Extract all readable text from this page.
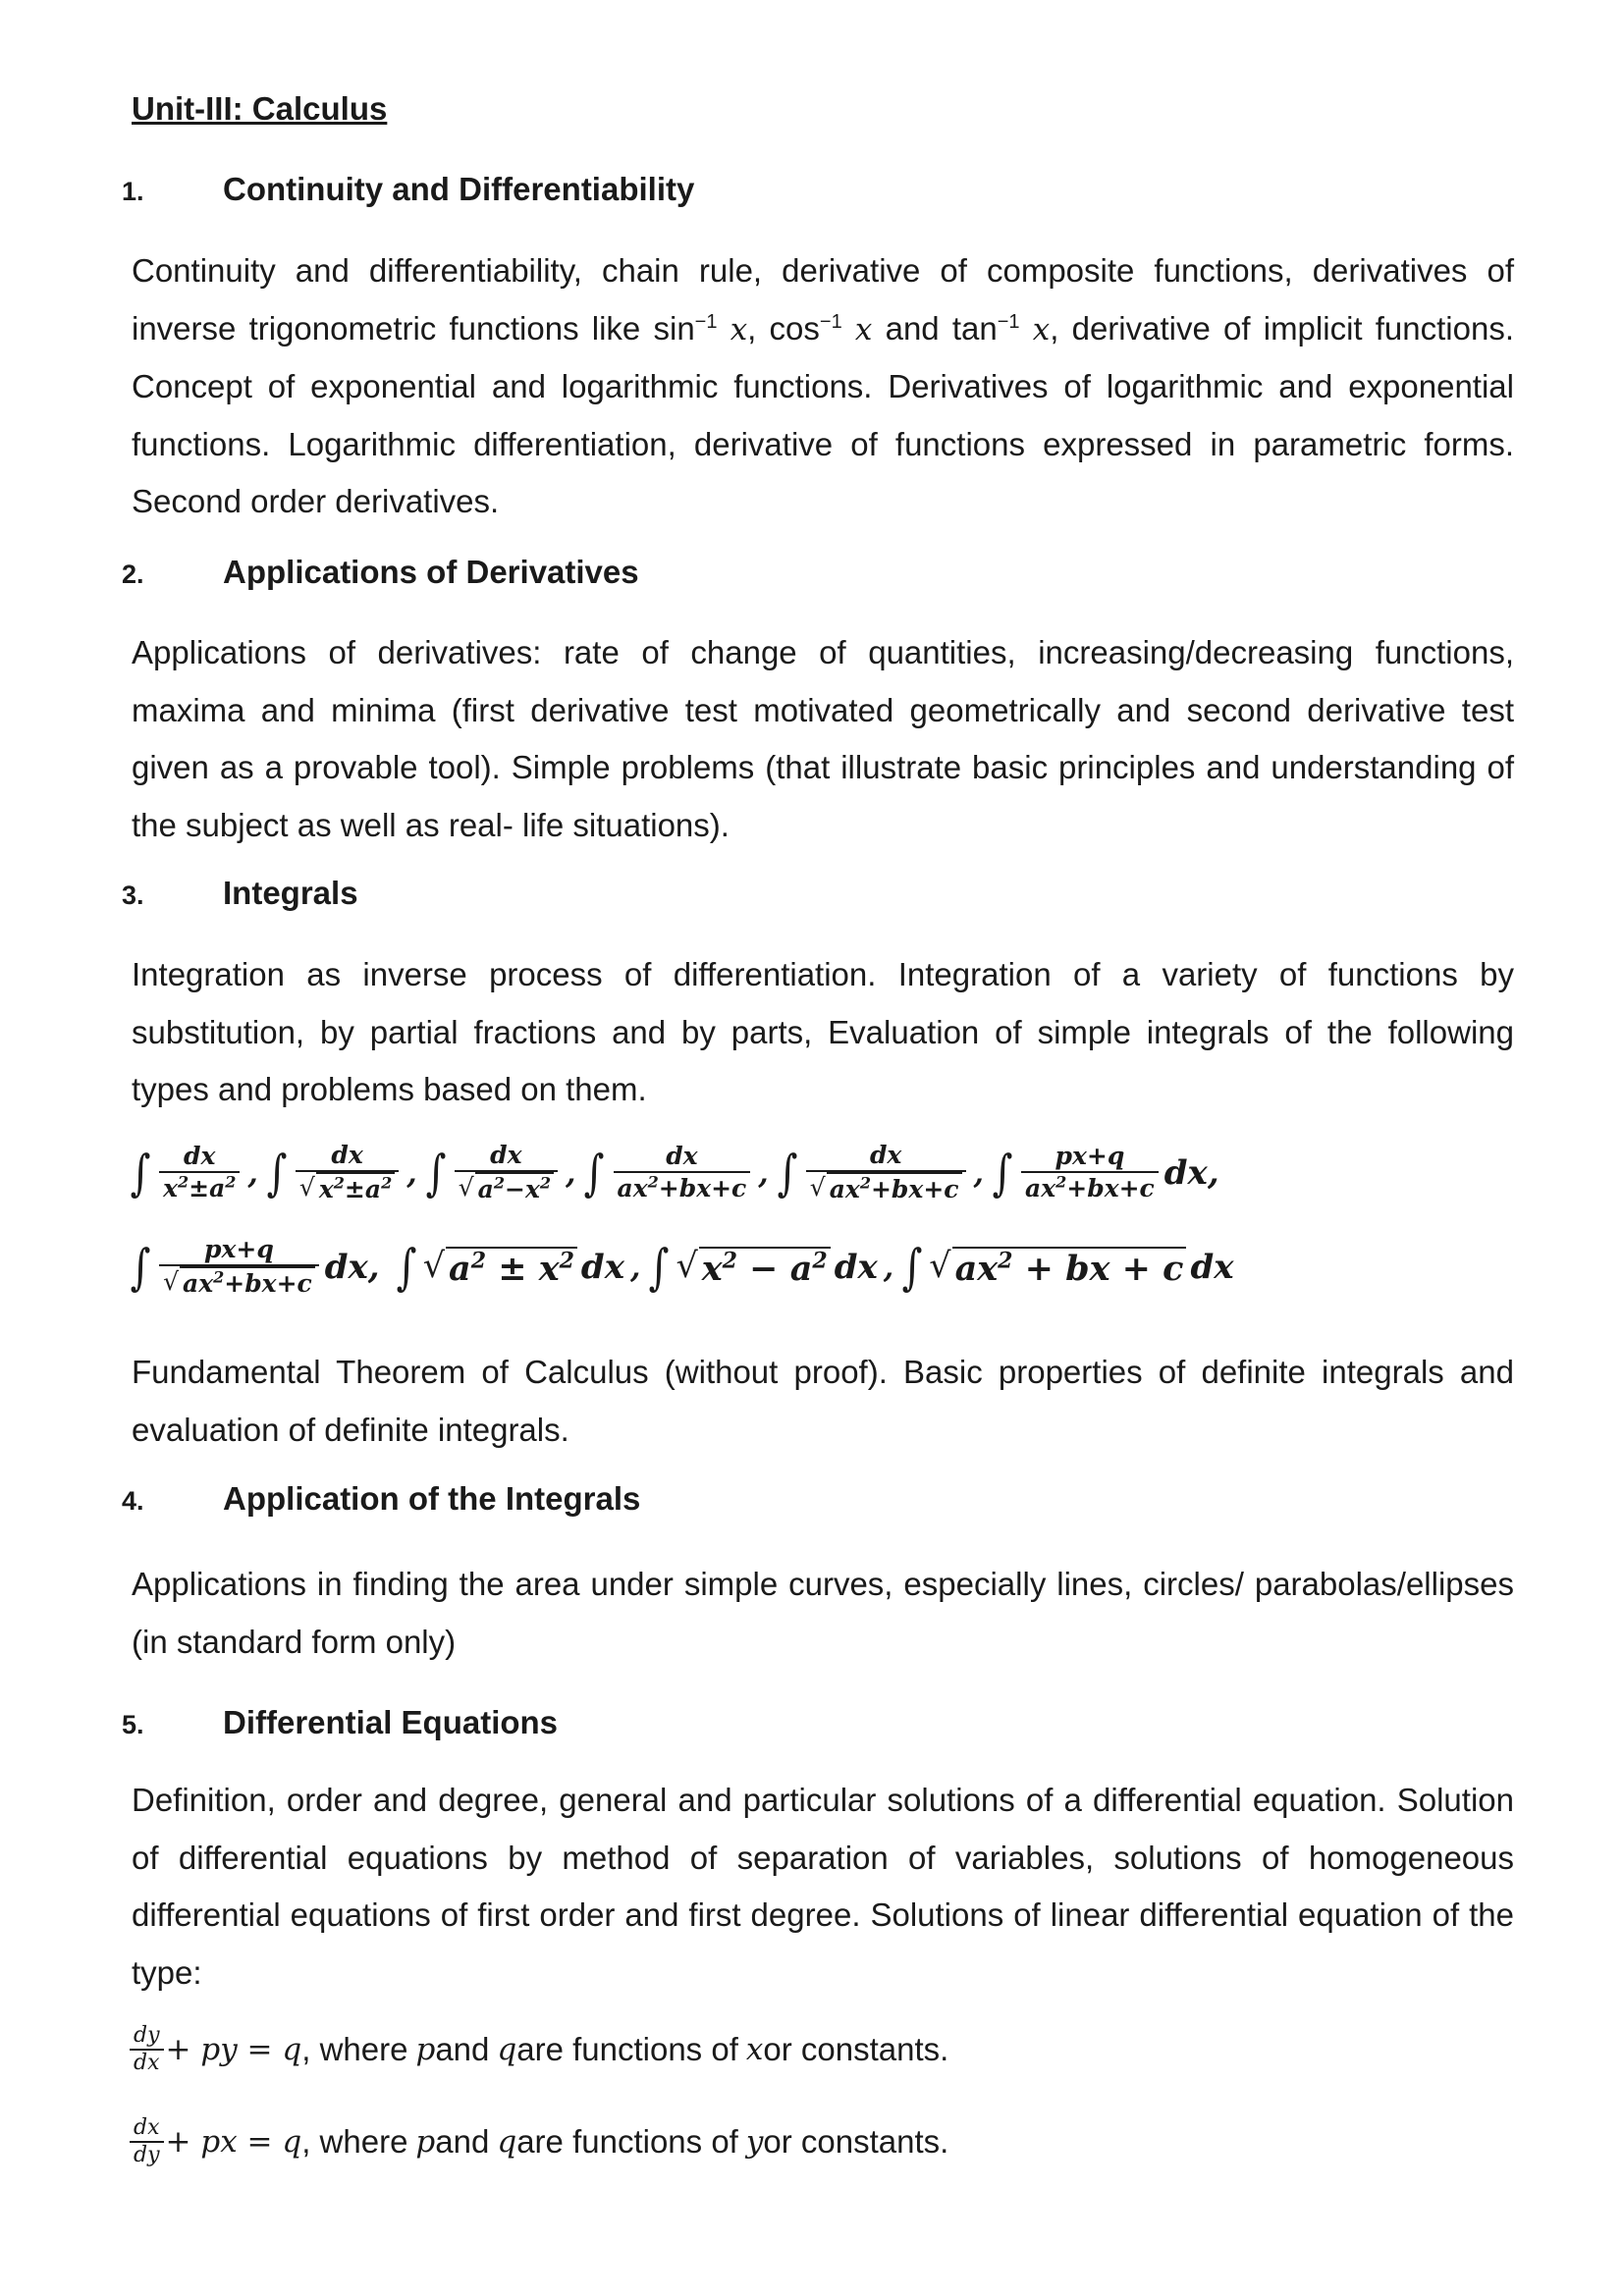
Unit-III: Calculus
1.	Continuity and Differentiability
Continuity and differentiability, chain rule, derivative of composite functions, derivatives of inverse trigonometric functions like $\sin^{-1} x$, $\cos^{-1} x$ and $\tan^{-1} x$, derivative of implicit functions. Concept of exponential and logarithmic functions. Derivatives of logarithmic and exponential functions. Logarithmic differentiation, derivative of functions expressed in parametric forms. Second order derivatives.
2.	Applications of Derivatives
Applications of derivatives: rate of change of quantities, increasing/decreasing functions, maxima and minima (first derivative test motivated geometrically and second derivative test given as a provable tool). Simple problems (that illustrate basic principles and understanding of the subject as well as real- life situations).
3.	Integrals
Integration as inverse process of differentiation. Integration of a variety of functions by substitution, by partial fractions and by parts, Evaluation of simple integrals of the following types and problems based on them.
∫ $\frac{dx}{x^2\pm a^2}$ , ∫ $\frac{dx}{√ x^2\pm a^2}$ , ∫ $\frac{dx}{√ a^2-x^2}$ , ∫ $\frac{dx}{ax^2+bx+c}$ , ∫ $\frac{dx}{√ ax^2+bx+c}$ , ∫ $\frac{px+q}{ax^2+bx+c}$ dx,
∫ $\frac{px+q}{√ ax^2+bx+c}$ dx, ∫ √ $a^2 \pm x^2$ dx , ∫ √ $x^2 - a^2$ dx , ∫ √ $ax^2$ + bx + c dx
Fundamental Theorem of Calculus (without proof). Basic properties of definite integrals and evaluation of definite integrals.
4.	Application of the Integrals
Applications in finding the area under simple curves, especially lines, circles/ parabolas/ellipses (in standard form only)
5.	Differential Equations
Definition, order and degree, general and particular solutions of a differential equation. Solution of differential equations by method of separation of variables, solutions of homogeneous differential equations of first order and first degree. Solutions of linear differential equation of the type:
$\frac{dy}{dx}$ + py = q , where p and q are functions of x or constants.
$\frac{dx}{dy}$ + px = q , where p and q are functions of y or constants.
